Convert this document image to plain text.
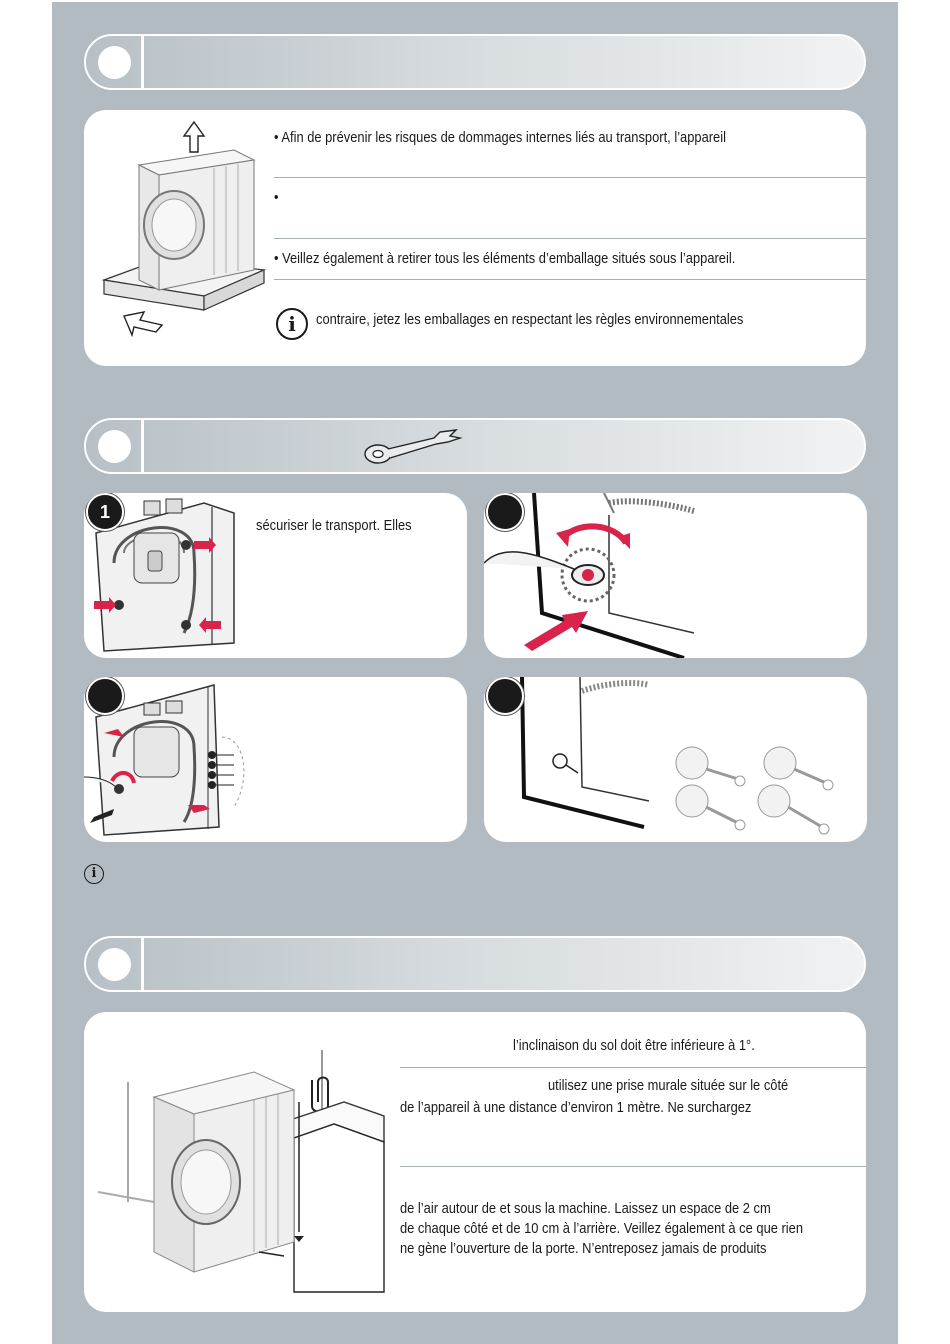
• Afin de prévenir les risques de dommages internes liés au transport, l’appareil
•
• Veillez également à retirer tous les éléments d’emballage situés sous l’appareil.
i	contraire, jetez les emballages en respectant les règles environnementales
1
sécuriser le transport. Elles
i
l’inclinaison du sol doit être inférieure à 1°.
utilisez une prise murale située sur le côté
de l’appareil à une distance d’environ 1 mètre. Ne surchargez
de l’air autour de et sous la machine. Laissez un espace de 2 cm
de chaque côté et de 10 cm à l’arrière. Veillez également à ce que rien
ne gène l’ouverture de la porte. N’entreposez jamais de produits
